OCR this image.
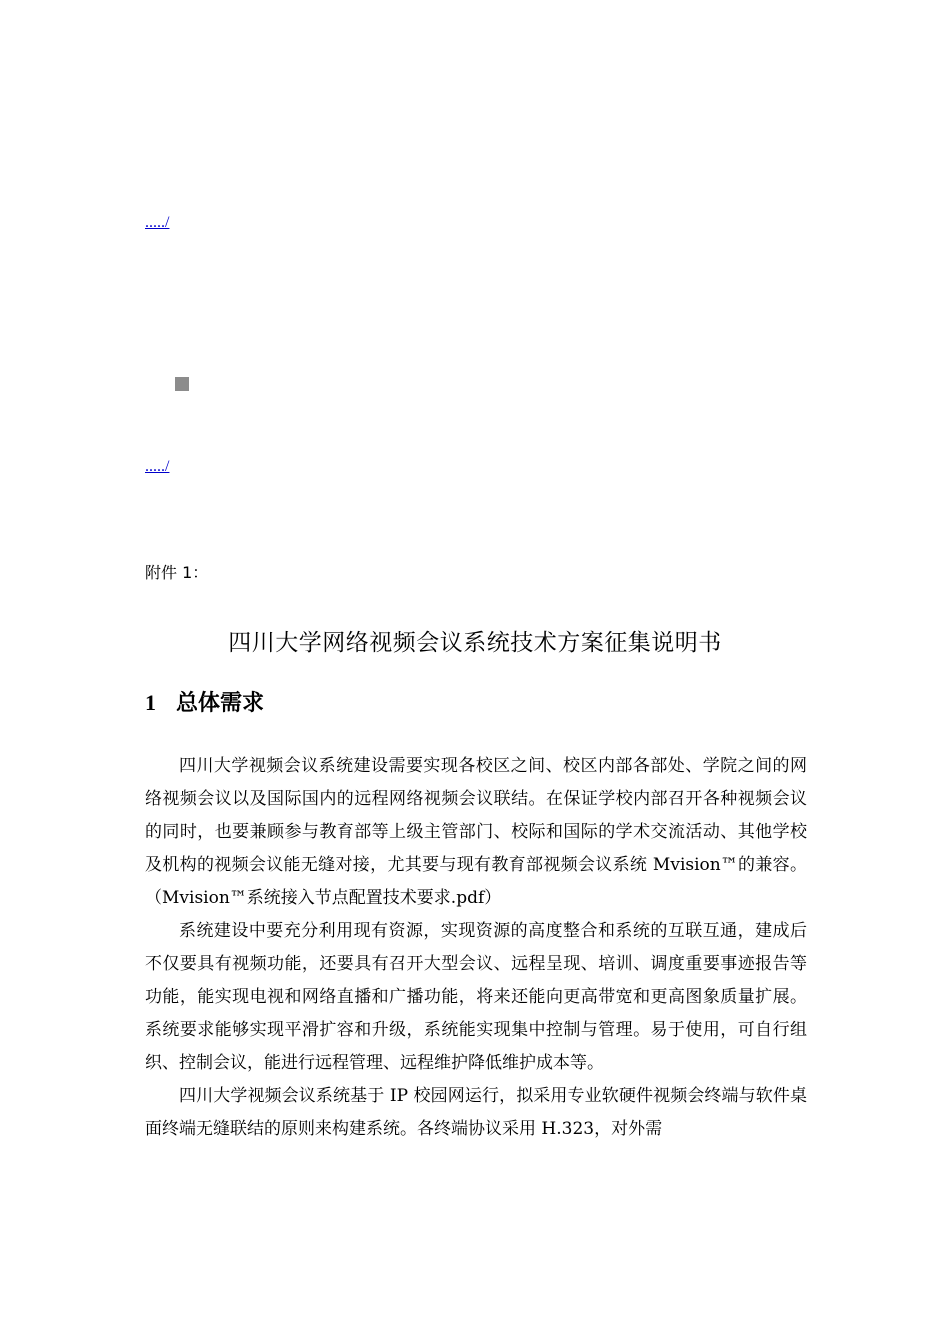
...../
...../
附件 1：
四川大学网络视频会议系统技术方案征集说明书
1 总体需求

四川大学视频会议系统建设需要实现各校区之间、校区内部各部处、学院之间的网络视频会议以及国际国内的远程网络视频会议联结。在保证学校内部召开各种视频会议的同时，也要兼顾参与教育部等上级主管部门、校际和国际的学术交流活动、其他学校及机构的视频会议能无缝对接，尤其要与现有教育部视频会议系统 Mvision™的兼容。（Mvision™系统接入节点配置技术要求.pdf）

系统建设中要充分利用现有资源，实现资源的高度整合和系统的互联互通，建成后不仅要具有视频功能，还要具有召开大型会议、远程呈现、培训、调度重要事迹报告等功能，能实现电视和网络直播和广播功能，将来还能向更高带宽和更高图象质量扩展。系统要求能够实现平滑扩容和升级，系统能实现集中控制与管理。易于使用，可自行组织、控制会议，能进行远程管理、远程维护降低维护成本等。

四川大学视频会议系统基于 IP 校园网运行，拟采用专业软硬件视频会终端与软件桌面终端无缝联结的原则来构建系统。各终端协议采用 H.323，对外需
